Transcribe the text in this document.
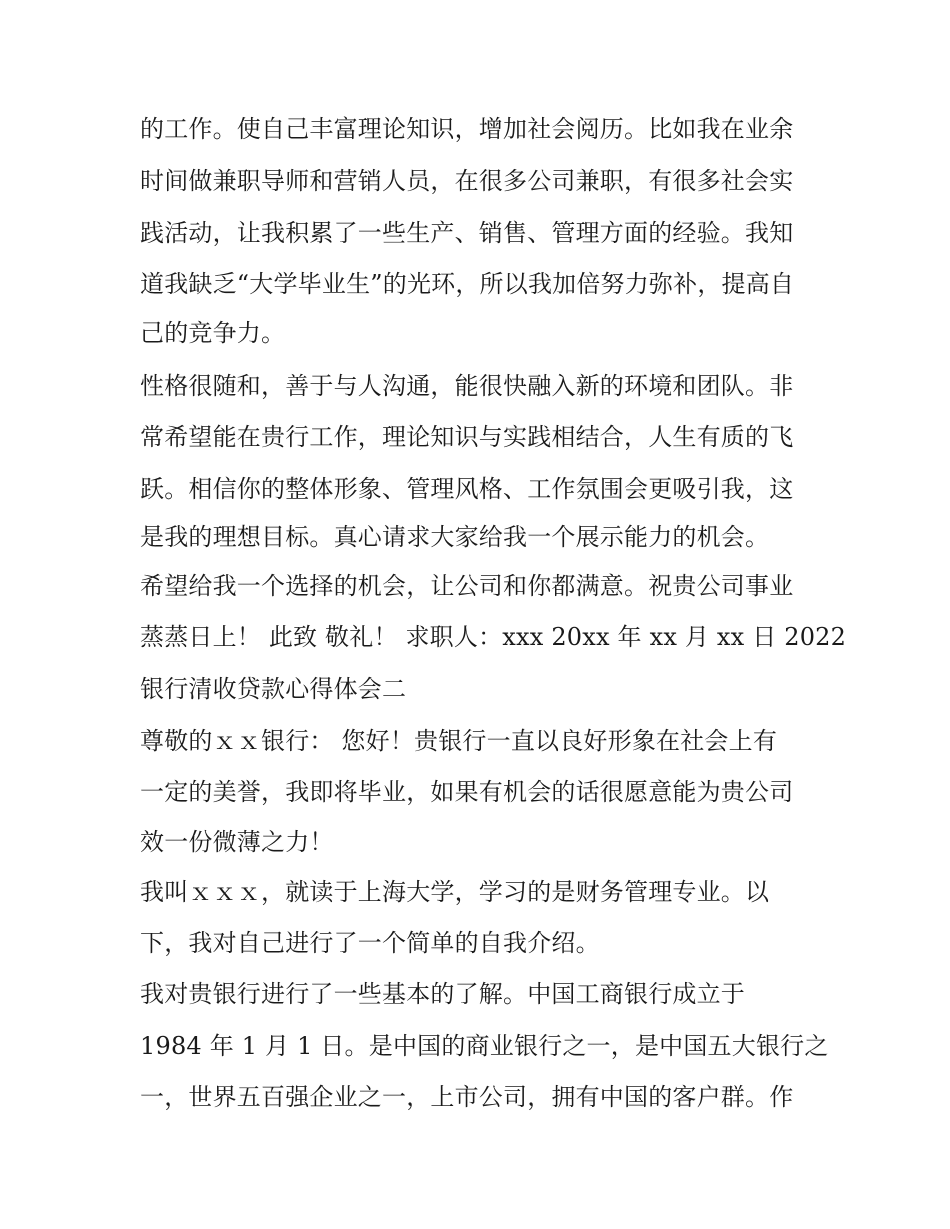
的工作。使自己丰富理论知识，增加社会阅历。比如我在业余

时间做兼职导师和营销人员，在很多公司兼职，有很多社会实

践活动，让我积累了一些生产、销售、管理方面的经验。我知

道我缺乏“大学毕业生”的光环，所以我加倍努力弥补，提高自

己的竞争力。

性格很随和，善于与人沟通，能很快融入新的环境和团队。非

常希望能在贵行工作，理论知识与实践相结合，人生有质的飞

跃。相信你的整体形象、管理风格、工作氛围会更吸引我，这

是我的理想目标。真心请求大家给我一个展示能力的机会。

希望给我一个选择的机会，让公司和你都满意。祝贵公司事业

蒸蒸日上！ 此致 敬礼！ 求职人：xxx 20xx 年 xx 月 xx 日 2022

银行清收贷款心得体会二

尊敬的ｘｘ银行： 您好！贵银行一直以良好形象在社会上有

一定的美誉，我即将毕业，如果有机会的话很愿意能为贵公司

效一份微薄之力！

我叫ｘｘｘ，就读于上海大学，学习的是财务管理专业。以

下，我对自己进行了一个简单的自我介绍。

我对贵银行进行了一些基本的了解。中国工商银行成立于

1984 年 1 月 1 日。是中国的商业银行之一，是中国五大银行之

一，世界五百强企业之一，上市公司，拥有中国的客户群。作
